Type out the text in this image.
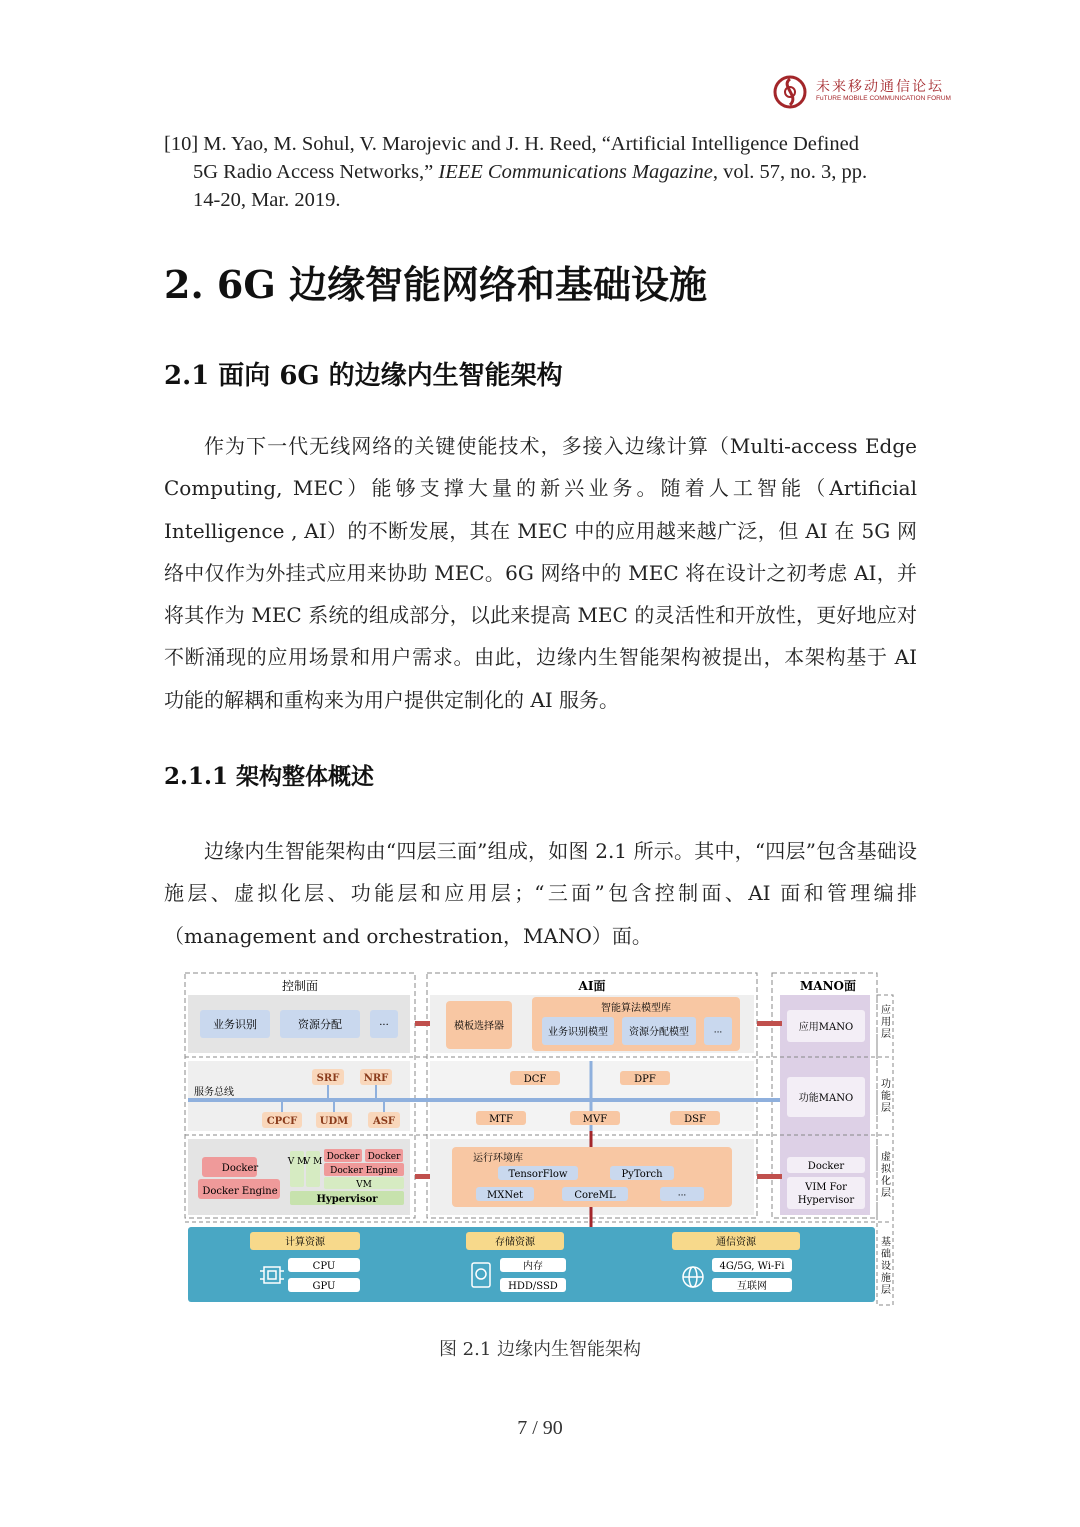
未来移动通信论坛
FuTURE MOBILE COMMUNICATION FORUM
[10] M. Yao, M. Sohul, V. Marojevic and J. H. Reed, “Artificial Intelligence Defined
5G Radio Access Networks,” IEEE Communications Magazine, vol. 57, no. 3, pp.
14-20, Mar. 2019.
2. 6G 边缘智能网络和基础设施
2.1 面向 6G 的边缘内生智能架构

作为下一代无线网络的关键使能技术，多接入边缘计算（Multi-access Edge Computing, MEC）能够支撑大量的新兴业务。随着人工智能（Artificial Intelligence , AI）的不断发展，其在 MEC 中的应用越来越广泛，但 AI 在 5G 网络中仅作为外挂式应用来协助 MEC。6G 网络中的 MEC 将在设计之初考虑 AI，并将其作为 MEC 系统的组成部分，以此来提高 MEC 的灵活性和开放性，更好地应对不断涌现的应用场景和用户需求。由此，边缘内生智能架构被提出，本架构基于 AI 功能的解耦和重构来为用户提供定制化的 AI 服务。

2.1.1 架构整体概述

边缘内生智能架构由“四层三面”组成，如图 2.1 所示。其中，“四层”包含基础设施层、虚拟化层、功能层和应用层；“三面”包含控制面、AI 面和管理编排（management and orchestration，MANO）面。

控制面	AI面	MANO面
应用层
功能层
虚拟化层
基础设施层
应用层功能层虚拟化层基础设施层
业务识别	资源分配	···
服务总线
SRF NRF
CPCF UDM ASF
Docker
Docker Engine
V M
V M Docker Docker
Docker Engine
VM
Hypervisor
模板选择器
智能算法模型库
业务识别模型 资源分配模型	···
DCF	DPF
MTF	MVF	DSF
运行环境库
TensorFlow	PyTorch
MXNet	CoreML	···
应用MANO
功能MANO
Docker
VIM For
Hypervisor
计算资源
CPU
GPU
存储资源
内存
HDD/SSD
通信资源
4G/5G, Wi-Fi
互联网
图 2.1 边缘内生智能架构
7 / 90
